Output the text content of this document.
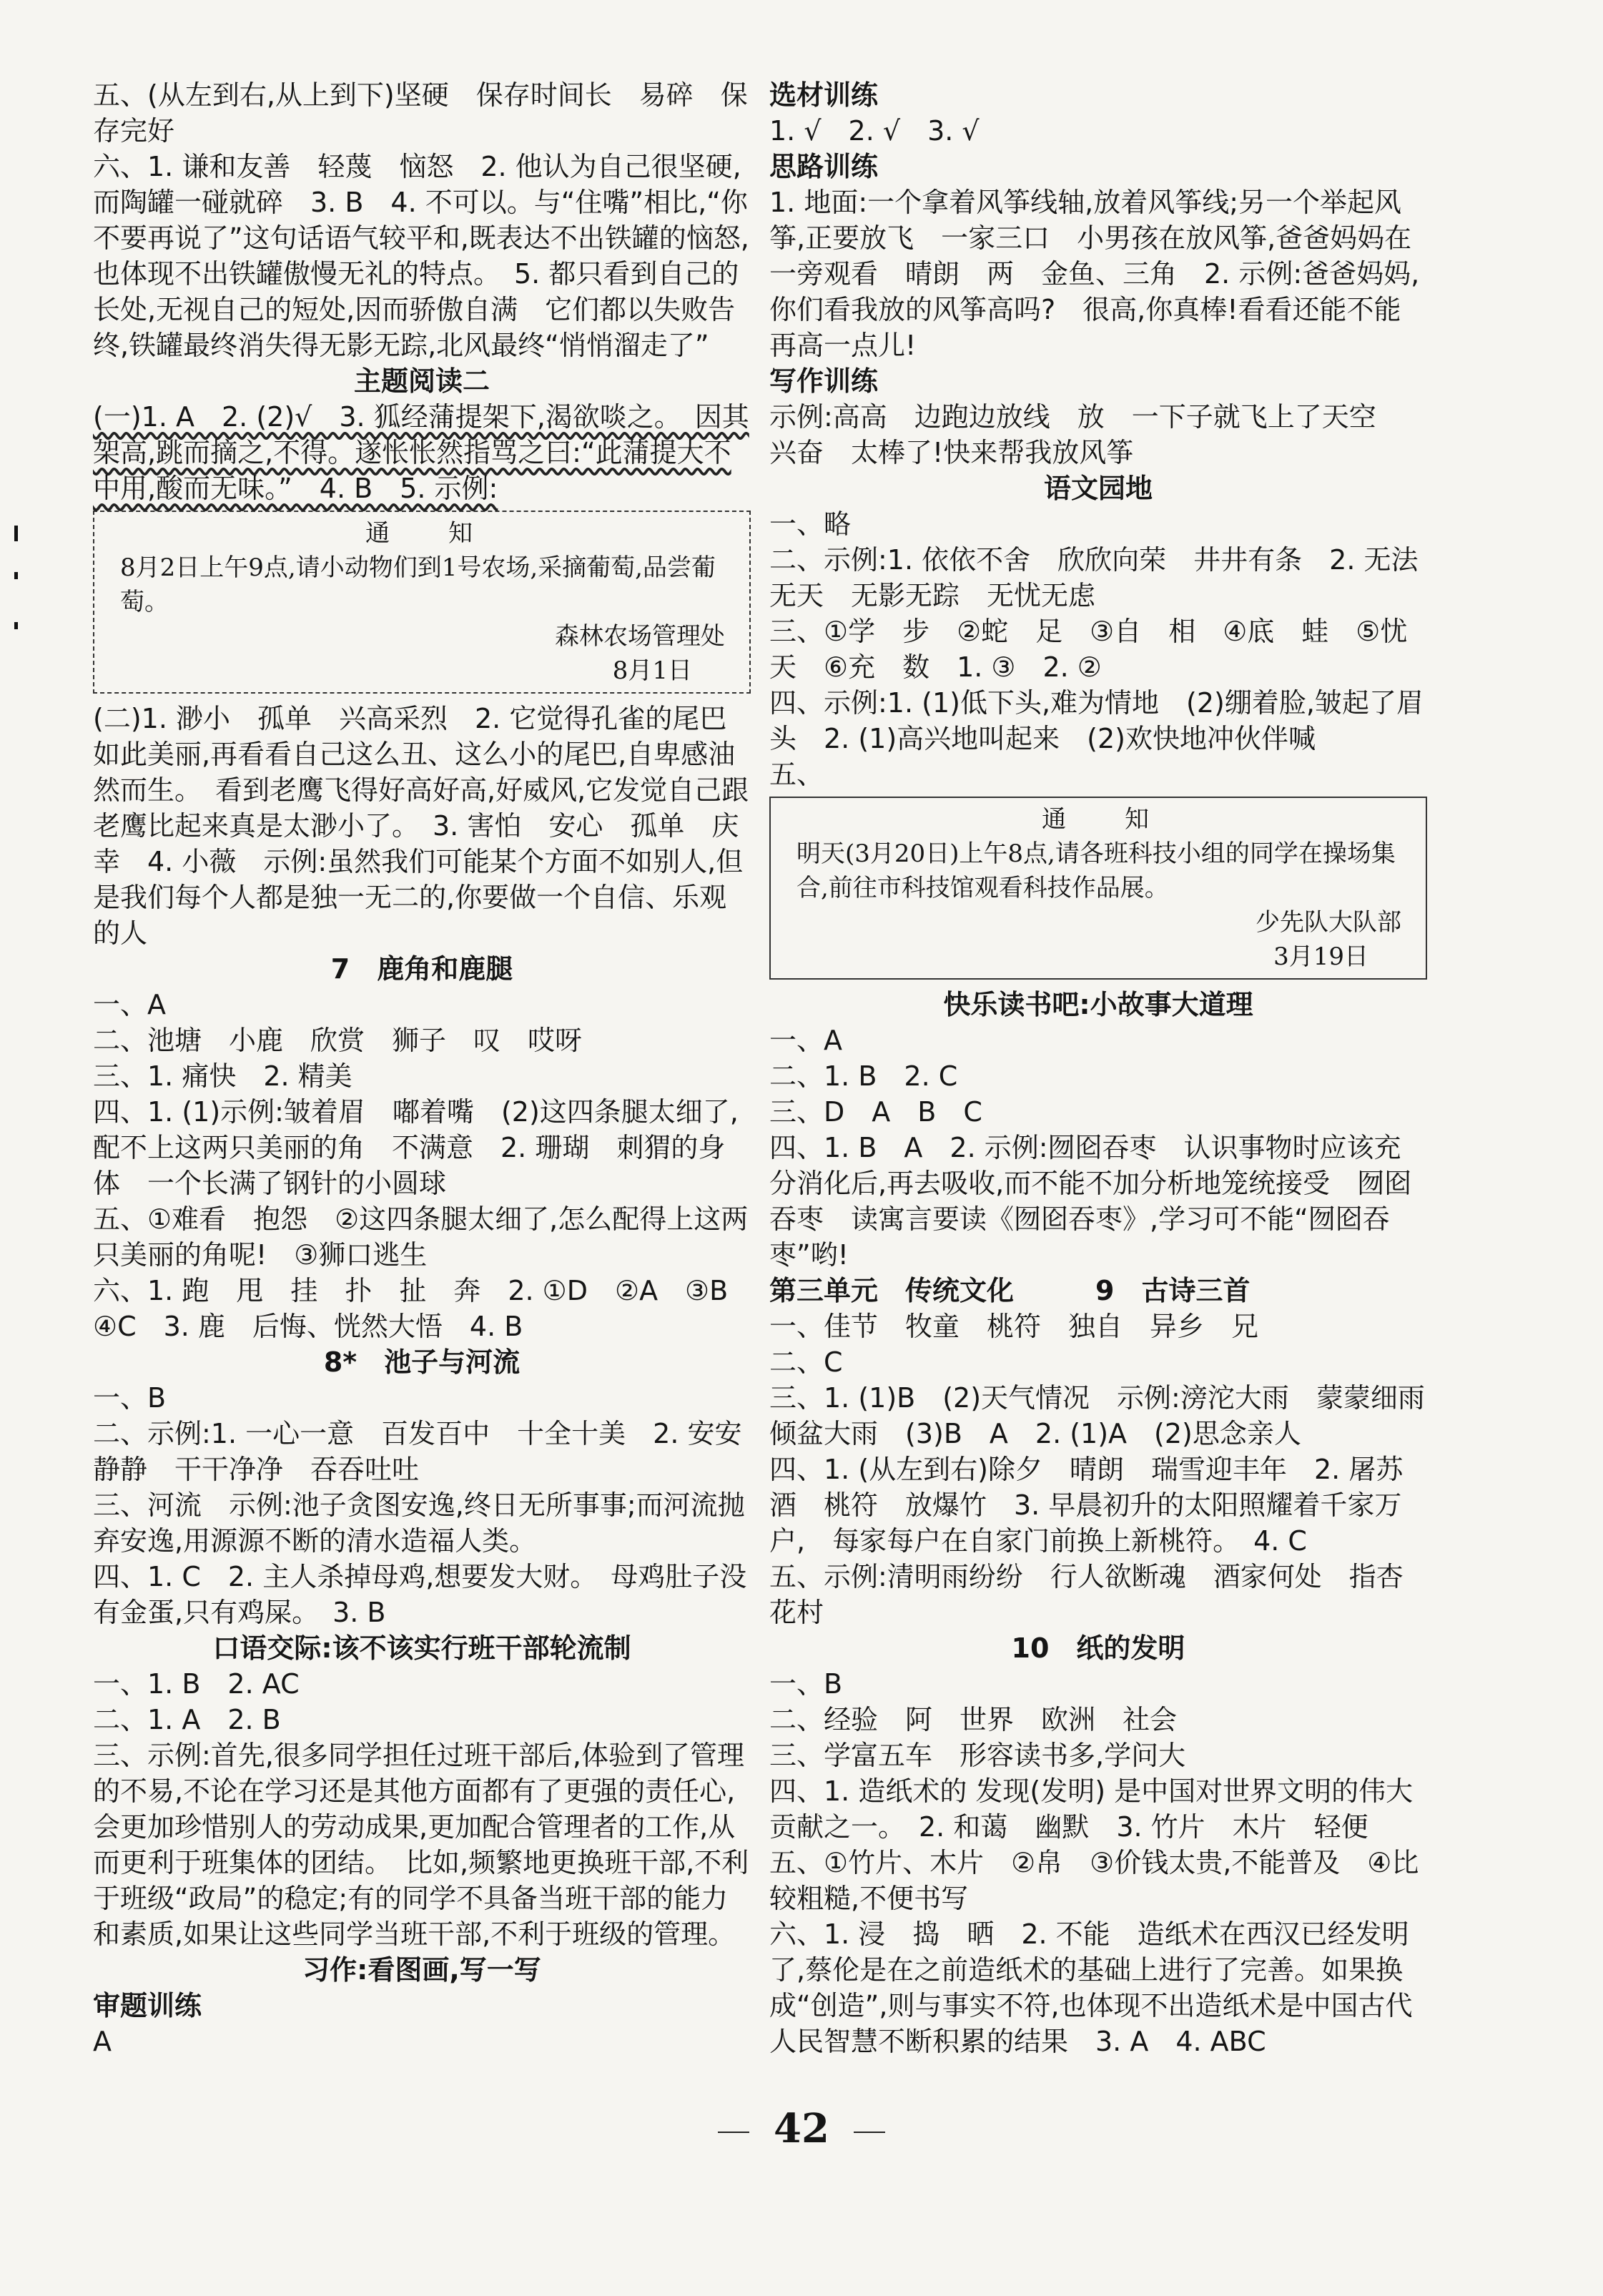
五、(从左到右,从上到下)坚硬　保存时间长　易碎　保存完好

六、1. 谦和友善　轻蔑　恼怒　2. 他认为自己很坚硬,而陶罐一碰就碎　3. B　4. 不可以。与“住嘴”相比,“你不要再说了”这句话语气较平和,既表达不出铁罐的恼怒,也体现不出铁罐傲慢无礼的特点。　5. 都只看到自己的长处,无视自己的短处,因而骄傲自满　它们都以失败告终,铁罐最终消失得无影无踪,北风最终“悄悄溜走了”

主题阅读二

(一)1. A　2. (2)√　3. 狐经蒲提架下,渴欲啖之。　因其架高,跳而摘之,不得。遂怅怅然指骂之曰:“此蒲提大不中用,酸而无味。”　4. B　5. 示例:

通　知
8月2日上午9点,请小动物们到1号农场,采摘葡萄,品尝葡萄。
森林农场管理处
8月1日

(二)1. 渺小　孤单　兴高采烈　2. 它觉得孔雀的尾巴如此美丽,再看看自己这么丑、这么小的尾巴,自卑感油然而生。　看到老鹰飞得好高好高,好威风,它发觉自己跟老鹰比起来真是太渺小了。　3. 害怕　安心　孤单　庆幸　4. 小薇　示例:虽然我们可能某个方面不如别人,但是我们每个人都是独一无二的,你要做一个自信、乐观的人

7　鹿角和鹿腿

一、A

二、池塘　小鹿　欣赏　狮子　叹　哎呀

三、1. 痛快　2. 精美

四、1. (1)示例:皱着眉　嘟着嘴　(2)这四条腿太细了,配不上这两只美丽的角　不满意　2. 珊瑚　刺猬的身体　一个长满了钢针的小圆球

五、①难看　抱怨　②这四条腿太细了,怎么配得上这两只美丽的角呢!　③狮口逃生

六、1. 跑　甩　挂　扑　扯　奔　2. ①D　②A　③B　④C　3. 鹿　后悔、恍然大悟　4. B

8*　池子与河流

一、B

二、示例:1. 一心一意　百发百中　十全十美　2. 安安静静　干干净净　吞吞吐吐

三、河流　示例:池子贪图安逸,终日无所事事;而河流抛弃安逸,用源源不断的清水造福人类。

四、1. C　2. 主人杀掉母鸡,想要发大财。　母鸡肚子没有金蛋,只有鸡屎。　3. B

口语交际:该不该实行班干部轮流制

一、1. B　2. AC

二、1. A　2. B

三、示例:首先,很多同学担任过班干部后,体验到了管理的不易,不论在学习还是其他方面都有了更强的责任心,会更加珍惜别人的劳动成果,更加配合管理者的工作,从而更利于班集体的团结。　比如,频繁地更换班干部,不利于班级“政局”的稳定;有的同学不具备当班干部的能力和素质,如果让这些同学当班干部,不利于班级的管理。

习作:看图画,写一写

审题训练

A

选材训练

1. √　2. √　3. √

思路训练

1. 地面:一个拿着风筝线轴,放着风筝线;另一个举起风筝,正要放飞　一家三口　小男孩在放风筝,爸爸妈妈在一旁观看　晴朗　两　金鱼、三角　2. 示例:爸爸妈妈,你们看我放的风筝高吗?　很高,你真棒!看看还能不能再高一点儿!

写作训练

示例:高高　边跑边放线　放　一下子就飞上了天空　兴奋　太棒了!快来帮我放风筝

语文园地

一、略

二、示例:1. 依依不舍　欣欣向荣　井井有条　2. 无法无天　无影无踪　无忧无虑

三、①学　步　②蛇　足　③自　相　④底　蛙　⑤忧　天　⑥充　数　1. ③　2. ②

四、示例:1. (1)低下头,难为情地　(2)绷着脸,皱起了眉头　2. (1)高兴地叫起来　(2)欢快地冲伙伴喊

五、

通　知
明天(3月20日)上午8点,请各班科技小组的同学在操场集合,前往市科技馆观看科技作品展。
少先队大队部
3月19日

快乐读书吧:小故事大道理

一、A

二、1. B　2. C

三、D　A　B　C

四、1. B　A　2. 示例:囫囵吞枣　认识事物时应该充分消化后,再去吸收,而不能不加分析地笼统接受　囫囵吞枣　读寓言要读《囫囵吞枣》,学习可不能“囫囵吞枣”哟!

第三单元　传统文化　　　9　古诗三首

一、佳节　牧童　桃符　独自　异乡　兄

二、C

三、1. (1)B　(2)天气情况　示例:滂沱大雨　蒙蒙细雨　倾盆大雨　(3)B　A　2. (1)A　(2)思念亲人

四、1. (从左到右)除夕　晴朗　瑞雪迎丰年　2. 屠苏酒　桃符　放爆竹　3. 早晨初升的太阳照耀着千家万户,　每家每户在自家门前换上新桃符。　4. C

五、示例:清明雨纷纷　行人欲断魂　酒家何处　指杏花村

10　纸的发明

一、B

二、经验　阿　世界　欧洲　社会

三、学富五车　形容读书多,学问大

四、1. 造纸术的 发现(发明) 是中国对世界文明的伟大贡献之一。　2. 和蔼　幽默　3. 竹片　木片　轻便

五、①竹片、木片　②帛　③价钱太贵,不能普及　④比较粗糙,不便书写

六、1. 浸　捣　晒　2. 不能　造纸术在西汉已经发明了,蔡伦是在之前造纸术的基础上进行了完善。如果换成“创造”,则与事实不符,也体现不出造纸术是中国古代人民智慧不断积累的结果　3. A　4. ABC

42
